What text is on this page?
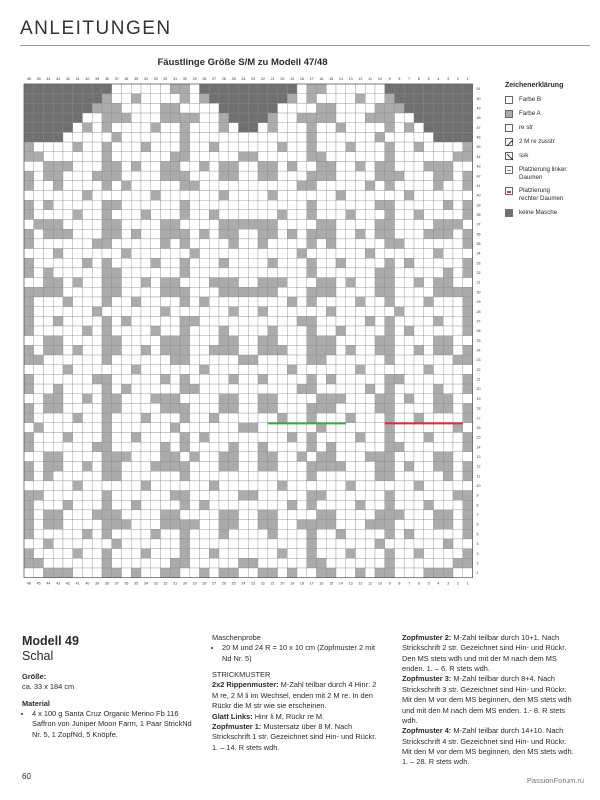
ANLEITUNGEN
Fäustlinge Größe S/M zu Modell 47/48
46
46
45
45
44
44
43
43
42
42
41
41
40
40
39
39
38
38
37
37
36
36
35
35
34
34
33
33
32
32
31
31
30
30
29
29
28
28
27
27
26
26
25
25
24
24
23
23
22
22
21
21
20
20
19
19
18
18
17
17
16
16
15
15
14
14
13
13
12
12
11
11
10
10
9
9
8
8
7
7
6
6
5
5
4
4
3
3
2
2
1
1
51
50
49
48
47
46
45
44
43
42
41
40
39
38
37
36
35
34
33
32
31
30
29
28
27
26
25
24
23
22
21
20
19
18
17
16
15
14
13
12
11
10
9
8
7
6
5
4
3
2
1
Zeichenerklärung
Farbe B
Farbe A
re str
2 M re zusstr
ssk
Platzierung linker Daumen
Platzierung rechter Daumen
keine Masche
Modell 49
Schal
Größe:
ca. 33 x 184 cm
Material
• 4 x 100 g Santa Cruz Organic Merino Fb 116 Saffron von Juniper Moon Farm, 1 Paar StrickNd Nr. 5, 1 ZopfNd, 5 Knöpfe.
Maschenprobe
• 20 M und 24 R = 10 x 10 cm (Zopfmuster 2 mit Nd Nr. 5)
STRICKMUSTER

2x2 Rippenmuster: M-Zahl teilbar durch 4 Hinr: 2 M re, 2 M li im Wechsel, enden mit 2 M re. In den Rückr die M str wie sie erscheinen.

Glatt Links: Hinr li M, Rückr re M.

Zopfmuster 1: Mustersatz über 8 M. Nach Strickschrift 1 str. Gezeichnet sind Hin- und Rückr. 1. – 14. R stets wdh.

Zopfmuster 2: M-Zahl teilbar durch 10+1. Nach Strickschrift 2 str. Gezeichnet sind Hin- und Rückr. Den MS stets wdh und mit der M nach dem MS enden. 1. – 6. R stets wdh.

Zopfmuster 3: M-Zahl teilbar durch 8+4. Nach Strickschrift 3 str. Gezeichnet sind Hin- und Rückr. Mit den M vor dem MS beginnen, den MS stets wdh und mit den M nach dem MS enden. 1.- 8. R stets wdh.

Zopfmuster 4: M-Zahl teilbar durch 14+10. Nach Strickschrift 4 str. Gezeichnet sind Hin- und Rückr. Mit den M vor dem MS beginnen, den MS stets wdh. 1. – 28. R stets wdh.

60	PassionForum.ru
